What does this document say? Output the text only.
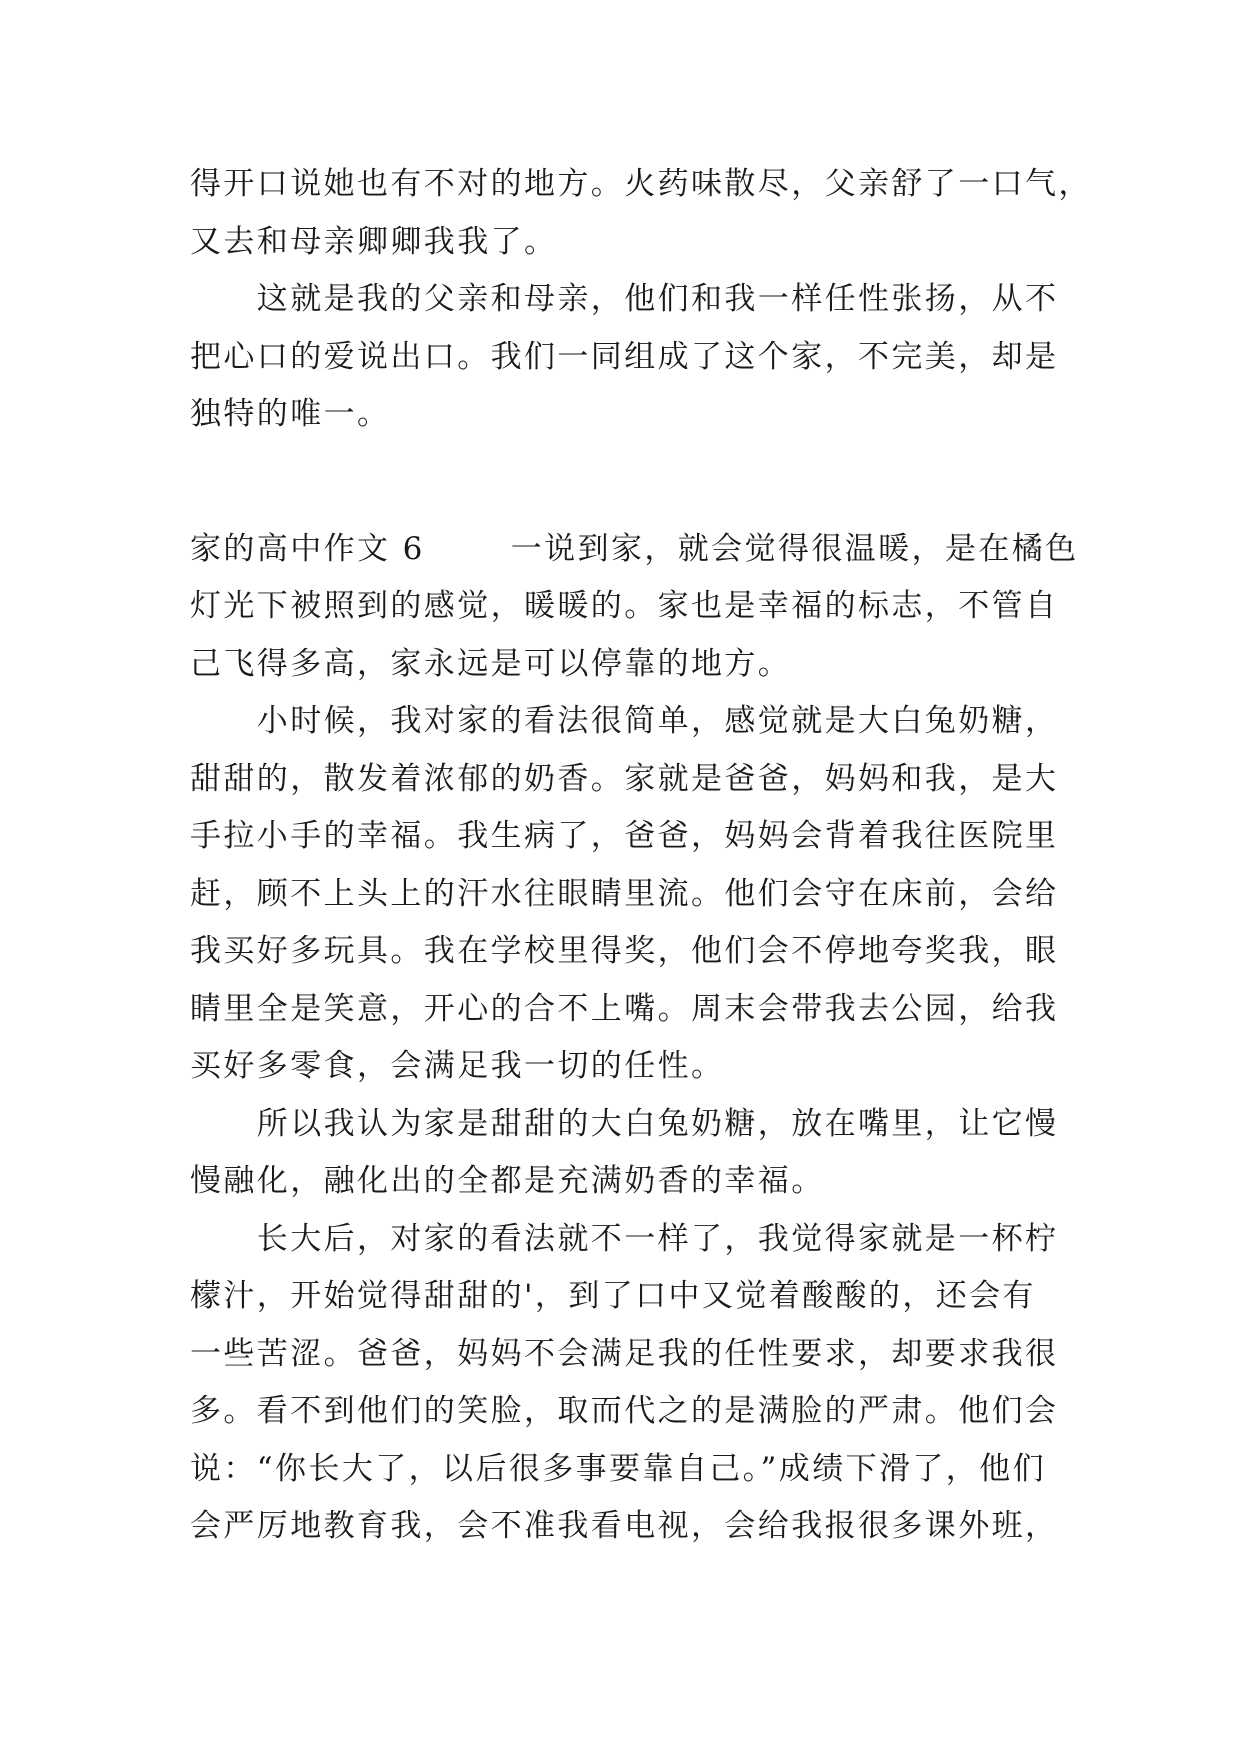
得开口说她也有不对的地方。火药味散尽，父亲舒了一口气，
又去和母亲卿卿我我了。
　　这就是我的父亲和母亲，他们和我一样任性张扬，从不
把心口的爱说出口。我们一同组成了这个家，不完美，却是
独特的唯一。
家的高中作文 6	一说到家，就会觉得很温暖，是在橘色
灯光下被照到的感觉，暖暖的。家也是幸福的标志，不管自
己飞得多高，家永远是可以停靠的地方。
　　小时候，我对家的看法很简单，感觉就是大白兔奶糖，
甜甜的，散发着浓郁的奶香。家就是爸爸，妈妈和我，是大
手拉小手的幸福。我生病了，爸爸，妈妈会背着我往医院里
赶，顾不上头上的汗水往眼睛里流。他们会守在床前，会给
我买好多玩具。我在学校里得奖，他们会不停地夸奖我，眼
睛里全是笑意，开心的合不上嘴。周末会带我去公园，给我
买好多零食，会满足我一切的任性。
　　所以我认为家是甜甜的大白兔奶糖，放在嘴里，让它慢
慢融化，融化出的全都是充满奶香的幸福。
　　长大后，对家的看法就不一样了，我觉得家就是一杯柠
檬汁，开始觉得甜甜的'，到了口中又觉着酸酸的，还会有
一些苦涩。爸爸，妈妈不会满足我的任性要求，却要求我很
多。看不到他们的笑脸，取而代之的是满脸的严肃。他们会
说：“你长大了，以后很多事要靠自己。”成绩下滑了，他们
会严厉地教育我，会不准我看电视，会给我报很多课外班，
